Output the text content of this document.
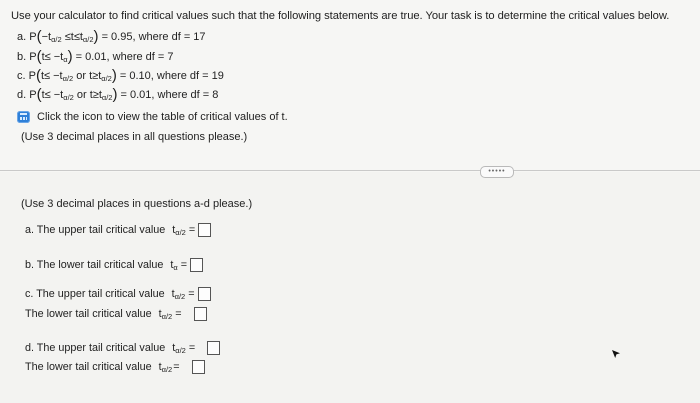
Use your calculator to find critical values such that the following statements are true. Your task is to determine the critical values below.
a. $P(-t_{\alpha/2} \le t\le t_{\alpha/2}) = 0.95$, where df = 17
b. $P(t\le -t_\alpha) = 0.01$, where df = 7
c. $P(t\le -t_{\alpha/2}$ or $t\ge t_{\alpha/2}) = 0.10$, where df = 19
d. $P(t\le -t_{\alpha/2}$ or $t\ge t_{\alpha/2}) = 0.01$, where df = 8
Click the icon to view the table of critical values of t.
(Use 3 decimal places in all questions please.)
•••••
(Use 3 decimal places in questions a-d please.)
a. The upper tail critical value $t_{\alpha/2}$ =
b. The lower tail critical value $t_\alpha$ =
c. The upper tail critical value $t_{\alpha/2}$ =
The lower tail critical value $t_{\alpha/2}$ =
d. The upper tail critical value $t_{\alpha/2}$ =
The lower tail critical value $t_{\alpha/2}$ =
